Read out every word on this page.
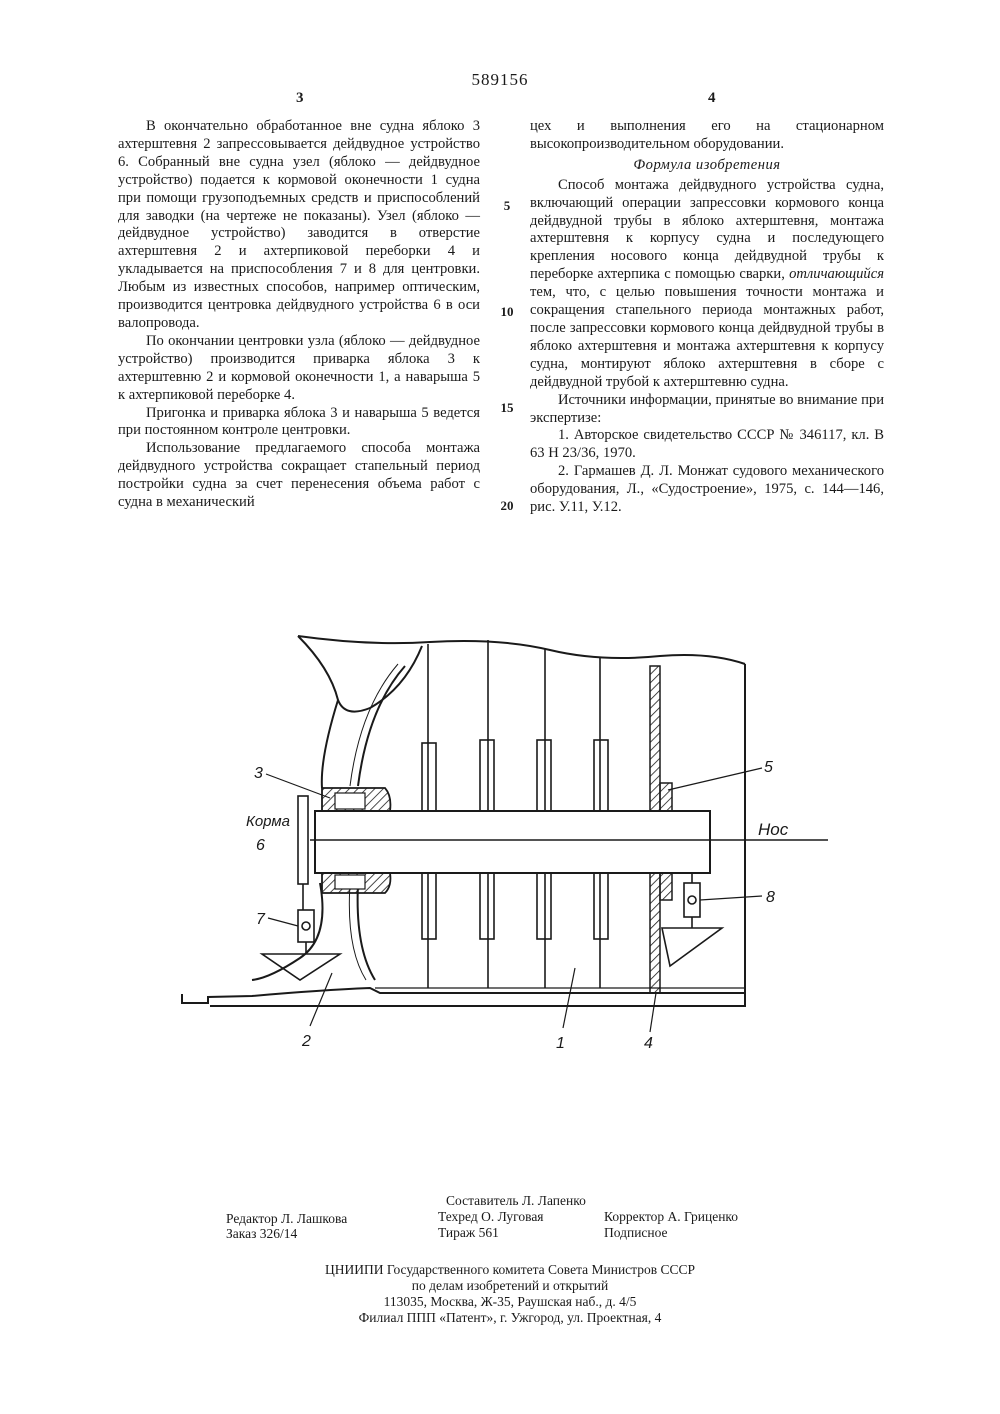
589156
3	4

В окончательно обработанное вне судна яблоко 3 ахтерштевня 2 запрессовывается дейдвудное устройство 6. Собранный вне судна узел (яблоко — дейдвудное устройство) подается к кормовой оконечности 1 судна при помощи грузоподъемных средств и приспособлений для заводки (на чертеже не показаны). Узел (яблоко — дейдвудное устройство) заводится в отверстие ахтерштевня 2 и ахтерпиковой переборки 4 и укладывается на приспособления 7 и 8 для центровки. Любым из известных способов, например оптическим, производится центровка дейдвудного устройства 6 в оси валопровода.

По окончании центровки узла (яблоко — дейдвудное устройство) производится приварка яблока 3 к ахтерштевню 2 и кормовой оконечности 1, а наварыша 5 к ахтерпиковой переборке 4.

Пригонка и приварка яблока 3 и наварыша 5 ведется при постоянном контроле центровки.

Использование предлагаемого способа монтажа дейдвудного устройства сокращает стапельный период постройки судна за счет перенесения объема работ с судна в механический

5
10
15
20

цех и выполнения его на стационарном высокопроизводительном оборудовании.

Формула изобретения

Способ монтажа дейдвудного устройства судна, включающий операции запрессовки кормового конца дейдвудной трубы в яблоко ахтерштевня, монтажа ахтерштевня к корпусу судна и последующего крепления носового конца дейдвудной трубы к переборке ахтерпика с помощью сварки, отличающийся тем, что, с целью повышения точности монтажа и сокращения стапельного периода монтажных работ, после запрессовки кормового конца дейдвудной трубы в яблоко ахтерштевня и монтажа ахтерштевня к корпусу судна, монтируют яблоко ахтерштевня в сборе с дейдвудной трубой к ахтерштевню судна.

Источники информации, принятые во внимание при экспертизе:

1. Авторское свидетельство СССР № 346117, кл. В 63 Н 23/36, 1970.

2. Гармашев Д. Л. Монжат судового механического оборудования, Л., «Судостроение», 1975, с. 144—146, рис. У.11, У.12.

3	5
Корма	Нос
6
7
8
2	1	4
Составитель Л. Лапенко
Редактор Л. Лашкова	Техред О. Луговая	Корректор А. Гриценко
Заказ 326/14	Тираж 561	Подписное
ЦНИИПИ Государственного комитета Совета Министров СССР
по делам изобретений и открытий
113035, Москва, Ж-35, Раушская наб., д. 4/5
Филиал ППП «Патент», г. Ужгород, ул. Проектная, 4
